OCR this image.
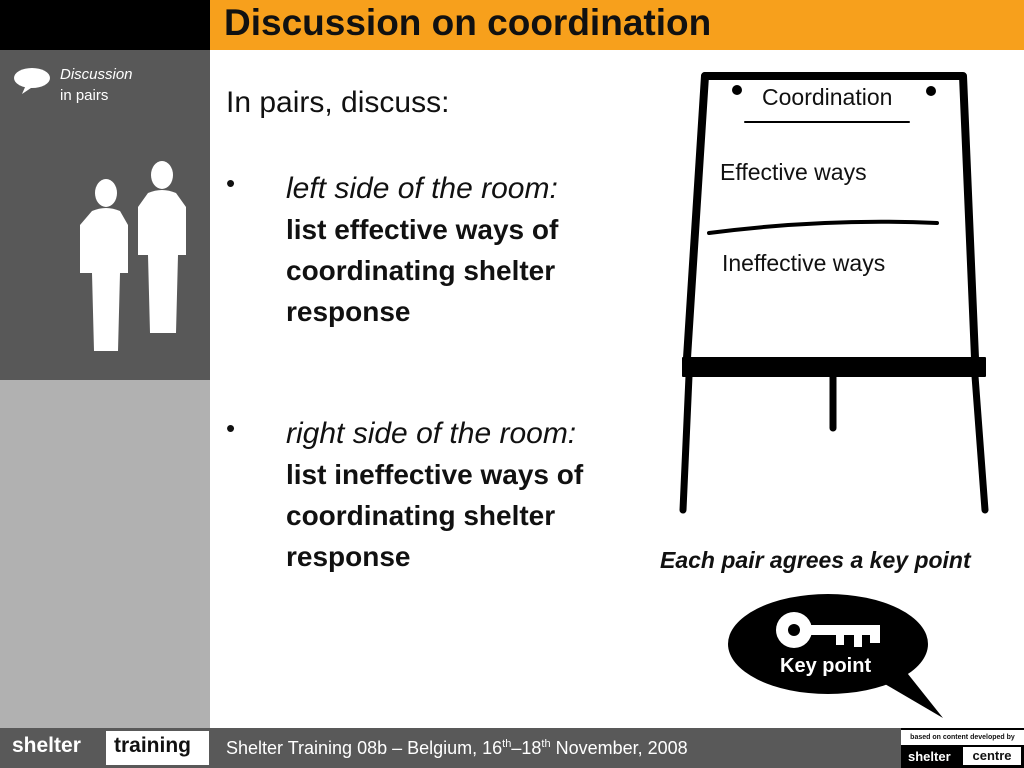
Discussion on coordination
Discussion
in pairs	In pairs, discuss:
• left side of the room:
list effective ways of
coordinating shelter
response
• right side of the room:
list ineffective ways of
coordinating shelter
response
Coordination
Effective ways
Ineffective ways
Each pair agrees a key point
Key point
shelter training Shelter Training 08b – Belgium, 16th–18th November, 2008
based on content developed by
shelter	centre
